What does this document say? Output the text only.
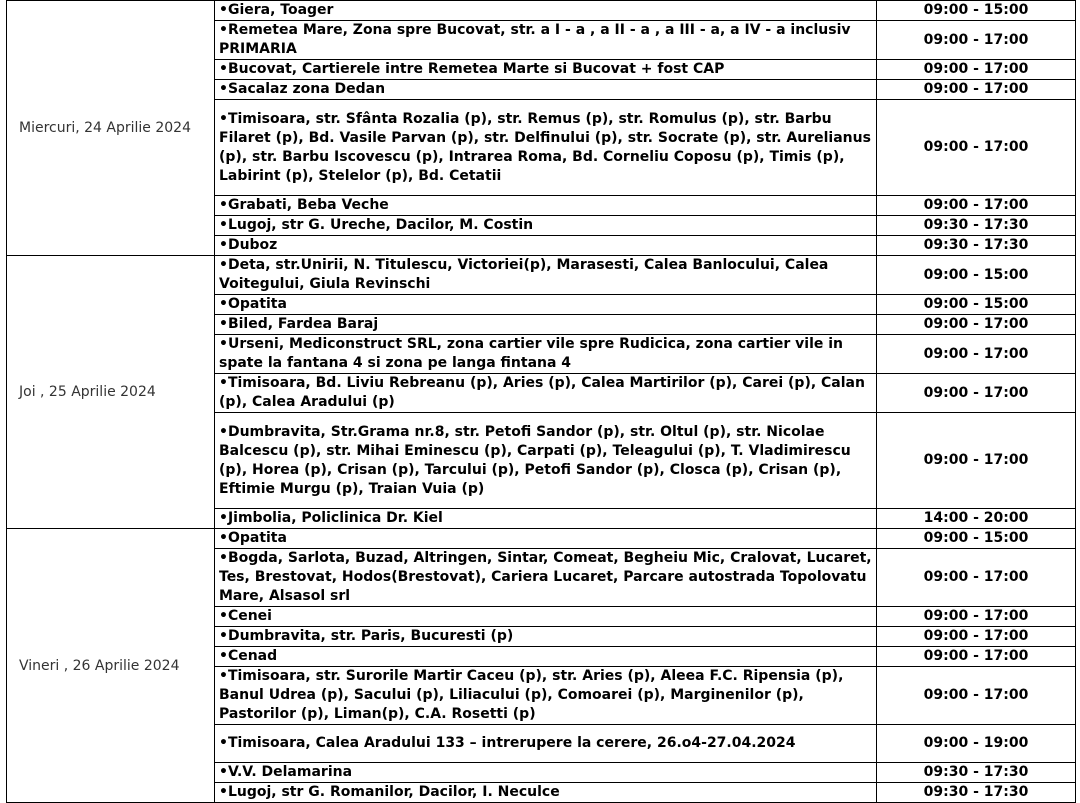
Miercuri, 24 Aprilie 2024	•Giera, Toager	09:00 - 15:00
	•Remetea Mare, Zona spre Bucovat, str. a I - a , a II - a , a III - a, a IV - a inclusiv PRIMARIA	09:00 - 17:00
	•Bucovat, Cartierele intre Remetea Marte si Bucovat + fost CAP	09:00 - 17:00
	•Sacalaz zona Dedan	09:00 - 17:00
	•Timisoara, str. Sfânta Rozalia (p), str. Remus (p), str. Romulus (p), str. Barbu Filaret (p), Bd. Vasile Parvan (p), str. Delfinului (p), str. Socrate (p), str. Aurelianus (p), str. Barbu Iscovescu (p), Intrarea Roma, Bd. Corneliu Coposu (p), Timis (p), Labirint (p), Stelelor (p), Bd. Cetatii	09:00 - 17:00
	•Grabati, Beba Veche	09:00 - 17:00
	•Lugoj, str G. Ureche, Dacilor, M. Costin	09:30 - 17:30
	•Duboz	09:30 - 17:30
Joi , 25 Aprilie 2024	•Deta, str.Unirii, N. Titulescu, Victoriei(p), Marasesti, Calea Banlocului, Calea Voitegului, Giula Revinschi	09:00 - 15:00
	•Opatita	09:00 - 15:00
	•Biled, Fardea Baraj	09:00 - 17:00
	•Urseni, Mediconstruct SRL, zona cartier vile spre Rudicica, zona cartier vile in spate la fantana 4 si zona pe langa fintana 4	09:00 - 17:00
	•Timisoara, Bd. Liviu Rebreanu (p), Aries (p), Calea Martirilor (p), Carei (p), Calan (p), Calea Aradului (p)	09:00 - 17:00
	•Dumbravita, Str.Grama nr.8, str. Petofi Sandor (p), str. Oltul (p), str. Nicolae Balcescu (p), str. Mihai Eminescu (p), Carpati (p), Teleagului (p), T. Vladimirescu (p), Horea (p), Crisan (p), Tarcului (p), Petofi Sandor (p), Closca (p), Crisan (p), Eftimie Murgu (p), Traian Vuia (p)	09:00 - 17:00
	•Jimbolia, Policlinica Dr. Kiel	14:00 - 20:00
Vineri , 26 Aprilie 2024	•Opatita	09:00 - 15:00
	•Bogda, Sarlota, Buzad, Altringen, Sintar, Comeat, Begheiu Mic, Cralovat, Lucaret, Tes, Brestovat, Hodos(Brestovat), Cariera Lucaret, Parcare autostrada Topolovatu Mare, Alsasol srl	09:00 - 17:00
	•Cenei	09:00 - 17:00
	•Dumbravita, str. Paris, Bucuresti (p)	09:00 - 17:00
	•Cenad	09:00 - 17:00
	•Timisoara, str. Surorile Martir Caceu (p), str. Aries (p), Aleea F.C. Ripensia (p), Banul Udrea (p), Sacului (p), Liliacului (p), Comoarei (p), Marginenilor (p), Pastorilor (p), Liman(p), C.A. Rosetti (p)	09:00 - 17:00
	•Timisoara, Calea Aradului 133 – intrerupere la cerere, 26.o4-27.04.2024	09:00 - 19:00
	•V.V. Delamarina	09:30 - 17:30
	•Lugoj, str G. Romanilor, Dacilor, I. Neculce	09:30 - 17:30
